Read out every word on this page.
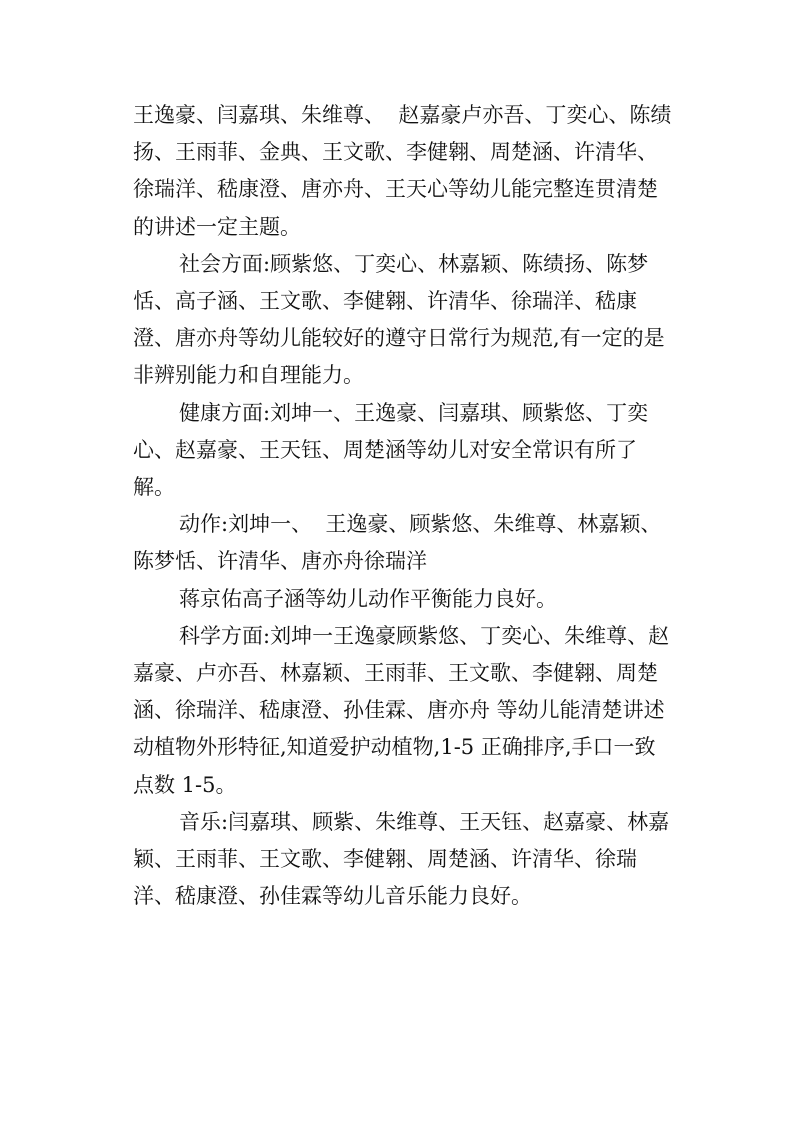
王逸豪、闫嘉琪、朱维尊、  赵嘉豪卢亦吾、丁奕心、陈绩扬、王雨菲、金典、王文歌、李健翱、周楚涵、许清华、徐瑞洋、嵇康澄、唐亦舟、王天心等幼儿能完整连贯清楚的讲述一定主题。

社会方面:顾紫悠、丁奕心、林嘉颖、陈绩扬、陈梦恬、高子涵、王文歌、李健翱、许清华、徐瑞洋、嵇康澄、唐亦舟等幼儿能较好的遵守日常行为规范,有一定的是非辨别能力和自理能力。

健康方面:刘坤一、王逸豪、闫嘉琪、顾紫悠、丁奕心、赵嘉豪、王天钰、周楚涵等幼儿对安全常识有所了解。

动作:刘坤一、  王逸豪、顾紫悠、朱维尊、林嘉颖、陈梦恬、许清华、唐亦舟徐瑞洋

蒋京佑高子涵等幼儿动作平衡能力良好。

科学方面:刘坤一王逸豪顾紫悠、丁奕心、朱维尊、赵嘉豪、卢亦吾、林嘉颖、王雨菲、王文歌、李健翱、周楚涵、徐瑞洋、嵇康澄、孙佳霖、唐亦舟 等幼儿能清楚讲述动植物外形特征,知道爱护动植物,1-5 正确排序,手口一致点数 1-5。

音乐:闫嘉琪、顾紫、朱维尊、王天钰、赵嘉豪、林嘉颖、王雨菲、王文歌、李健翱、周楚涵、许清华、徐瑞洋、嵇康澄、孙佳霖等幼儿音乐能力良好。
